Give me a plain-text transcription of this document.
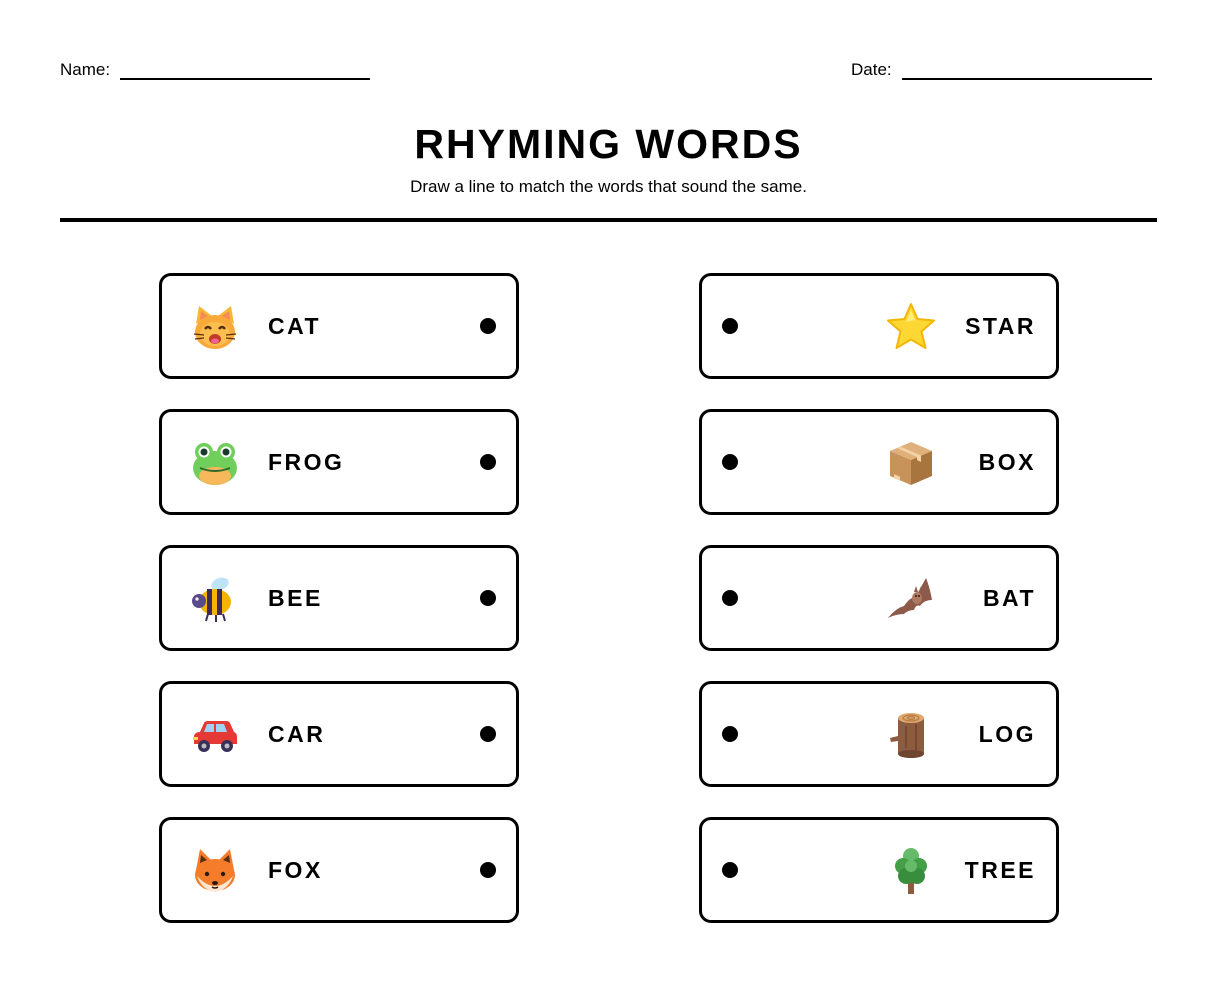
Name:	Date:
RHYMING WORDS
Draw a line to match the words that sound the same.
CAT
FROG
BEE
CAR
FOX
STAR
BOX
BAT
LOG
TREE
